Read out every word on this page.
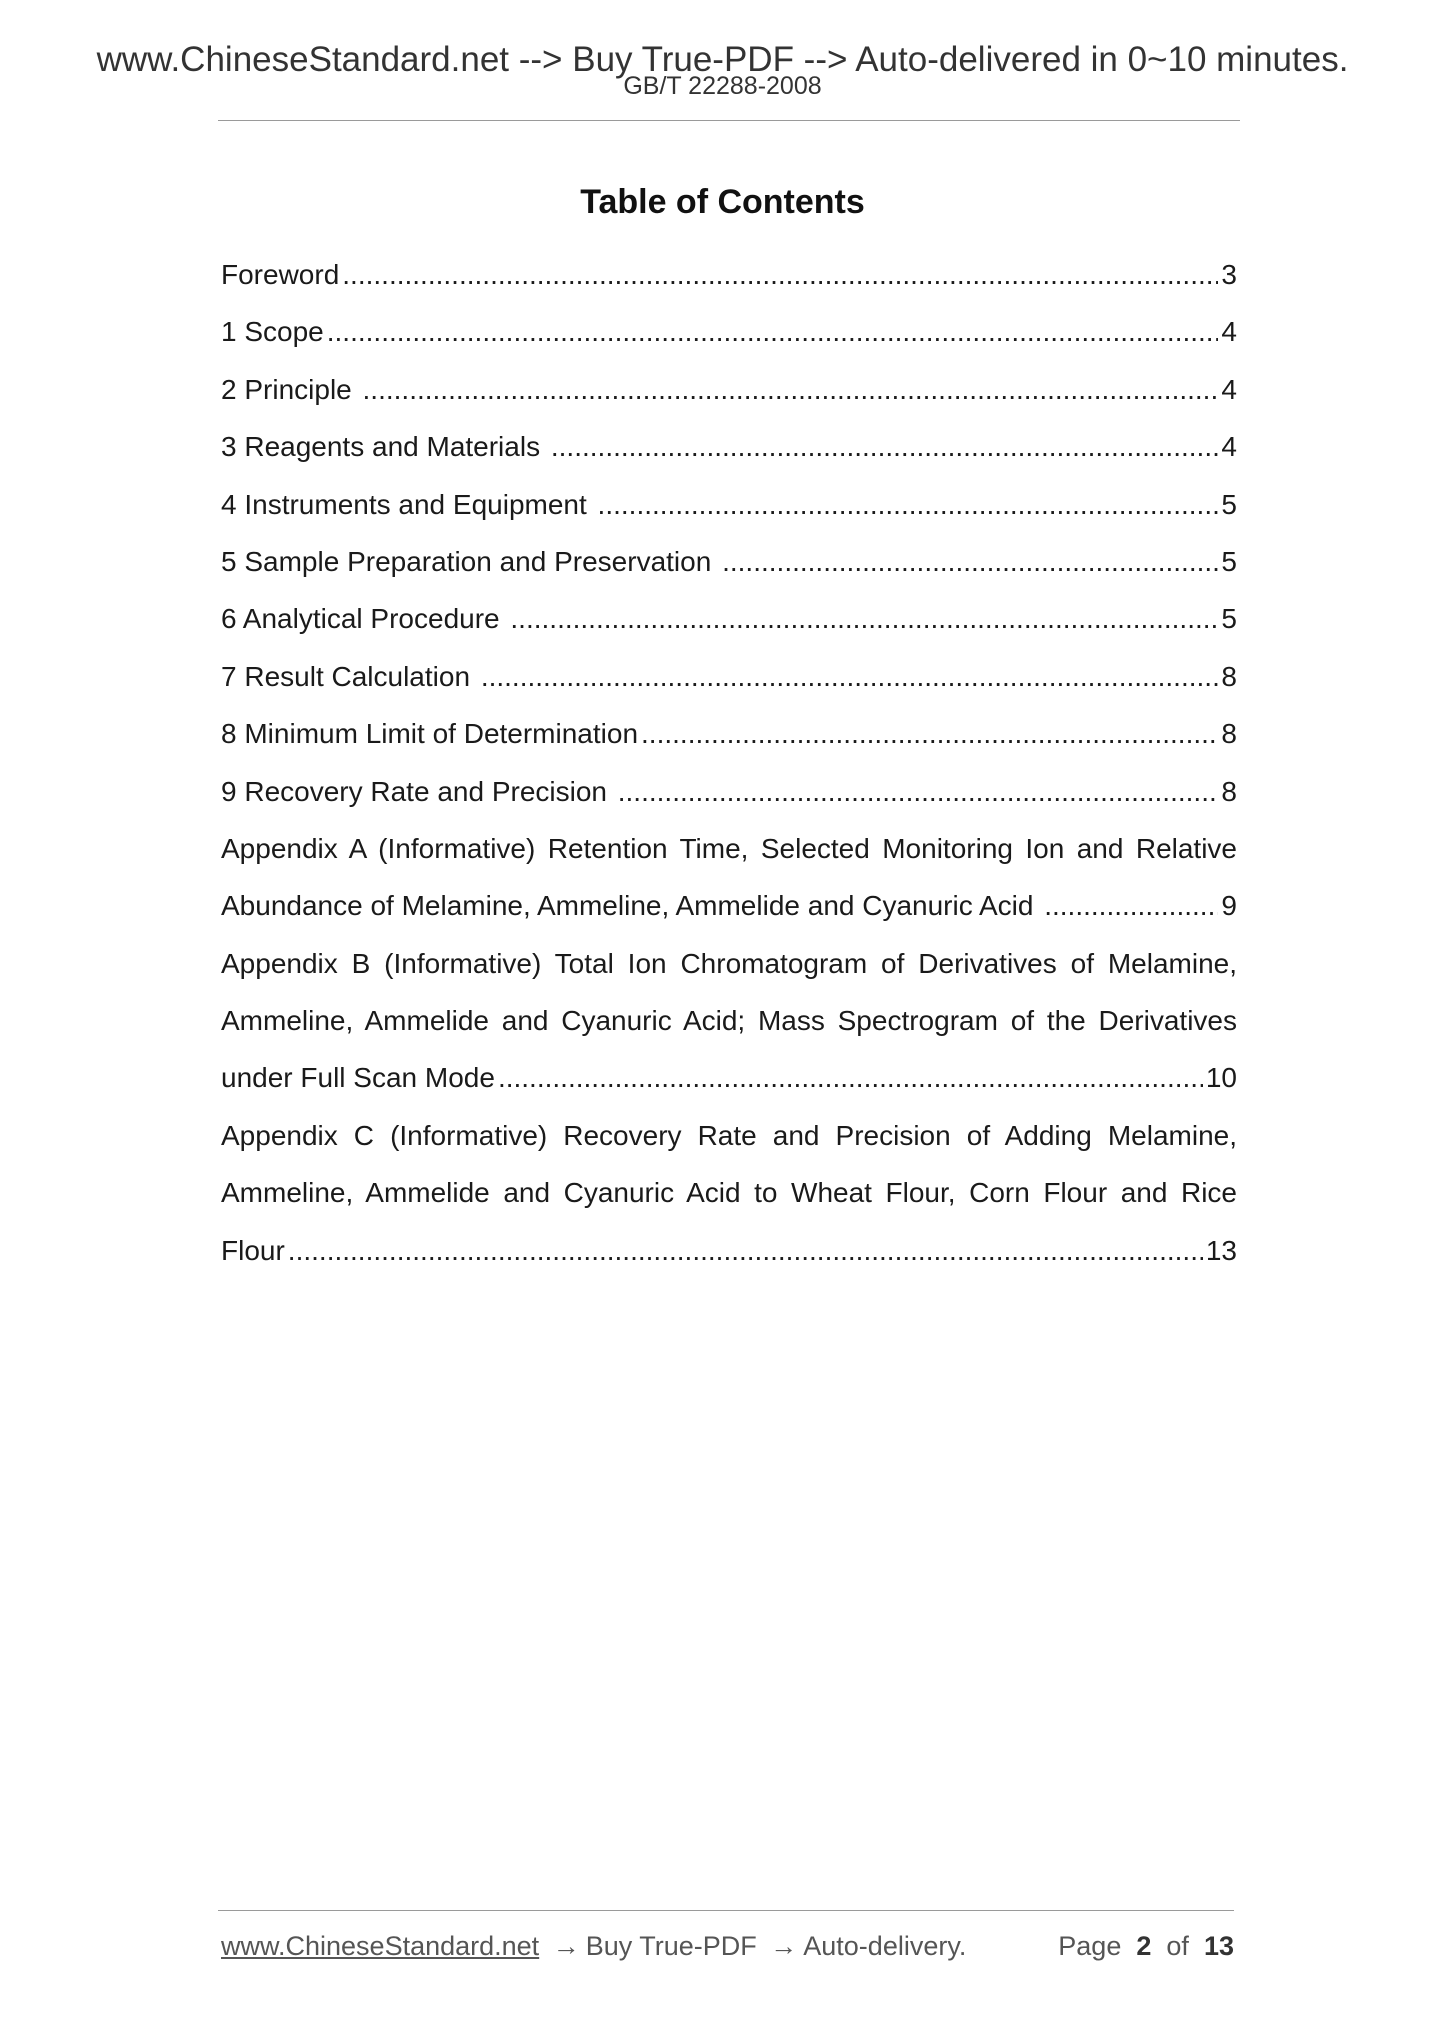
www.ChineseStandard.net --> Buy True-PDF --> Auto-delivered in 0~10 minutes.
GB/T 22288-2008
Table of Contents
Foreword .....	3
1 Scope .....	4
2 Principle .....	4
3 Reagents and Materials .....	4
4 Instruments and Equipment .....	5
5 Sample Preparation and Preservation .....	5
6 Analytical Procedure .....	5
7 Result Calculation .....	8
8 Minimum Limit of Determination .....	8
9 Recovery Rate and Precision .....	8
Appendix A (Informative) Retention Time, Selected Monitoring Ion and Relative
Abundance of Melamine, Ammeline, Ammelide and Cyanuric Acid .....	9
Appendix B (Informative) Total Ion Chromatogram of Derivatives of Melamine,
Ammeline, Ammelide and Cyanuric Acid; Mass Spectrogram of the Derivatives
under Full Scan Mode .....	10
Appendix C (Informative) Recovery Rate and Precision of Adding Melamine,
Ammeline, Ammelide and Cyanuric Acid to Wheat Flour, Corn Flour and Rice
Flour .....	13
www.ChineseStandard.net → Buy True-PDF → Auto-delivery.	Page 2 of 13
